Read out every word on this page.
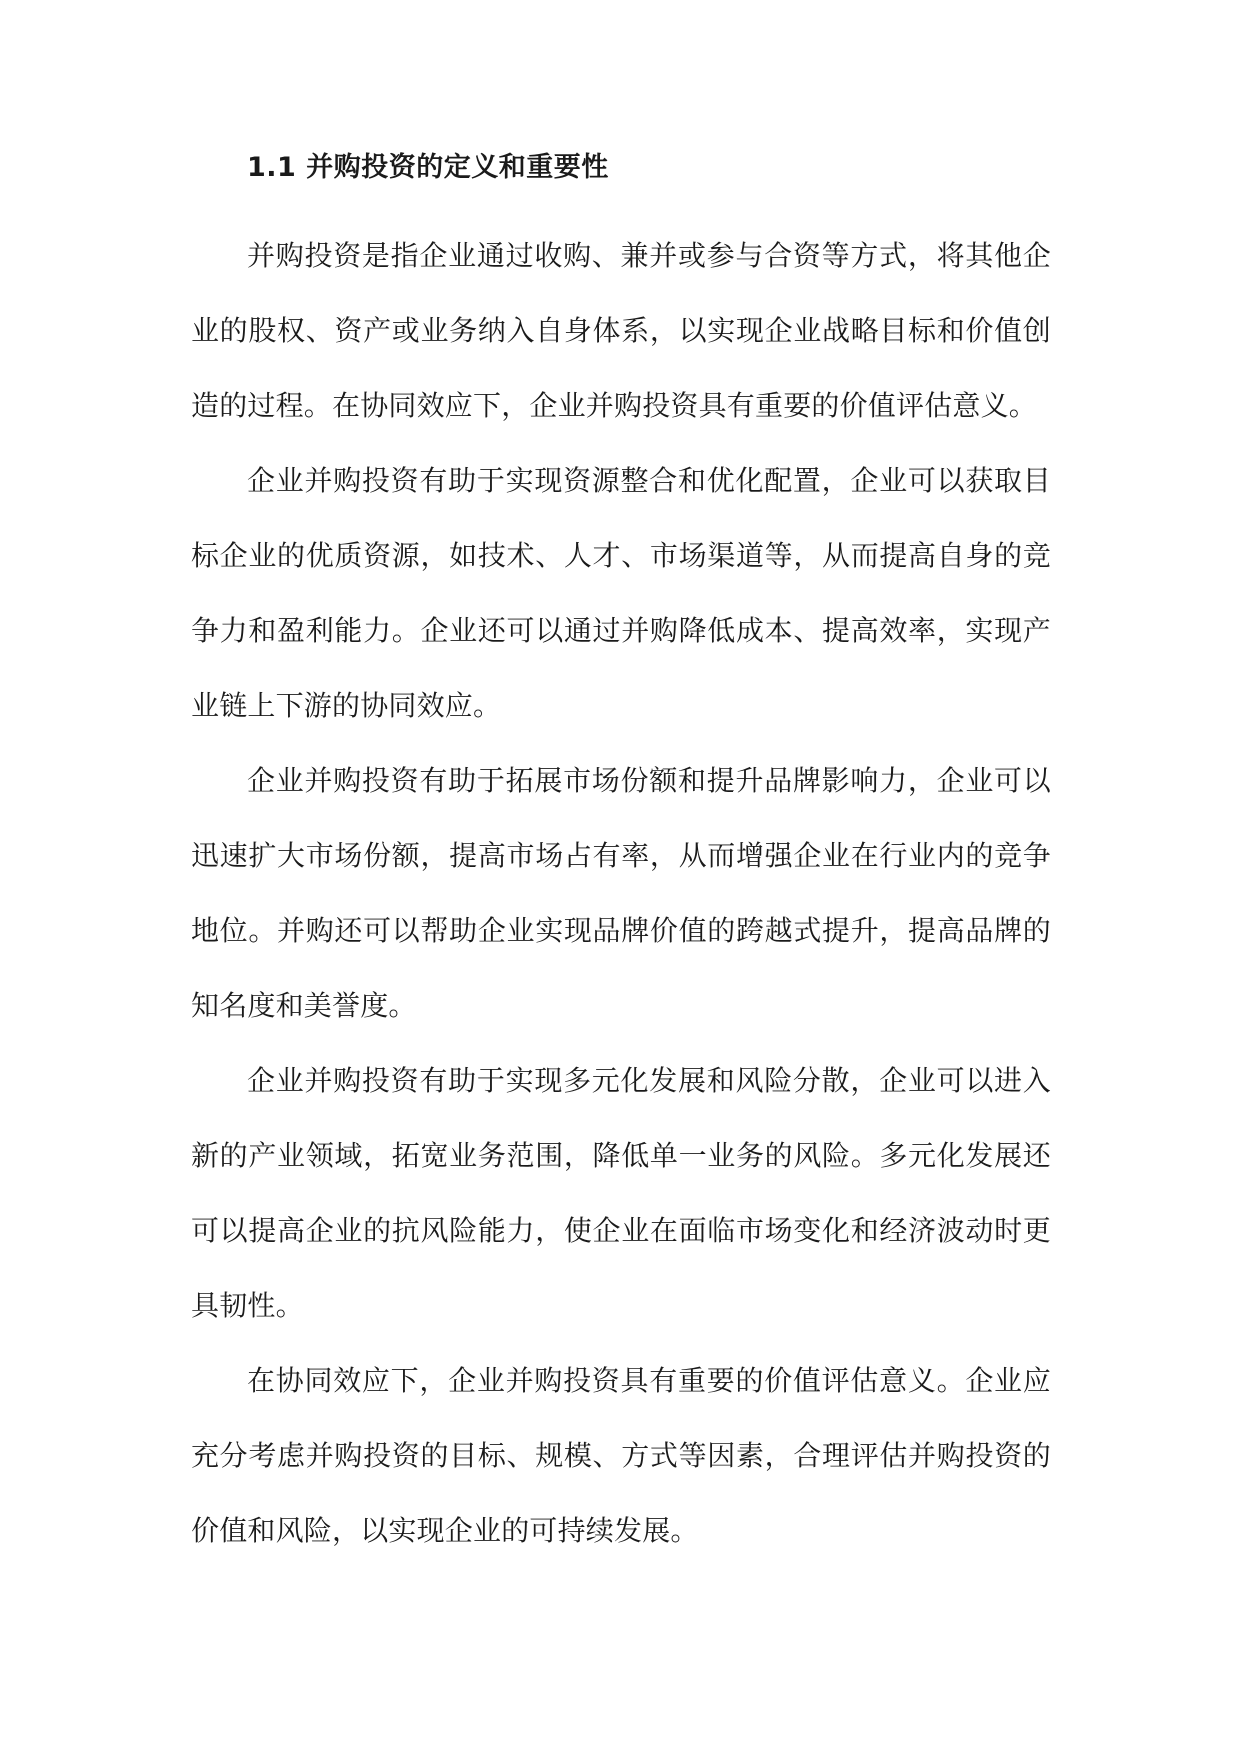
1.1 并购投资的定义和重要性

并购投资是指企业通过收购、兼并或参与合资等方式，将其他企业的股权、资产或业务纳入自身体系，以实现企业战略目标和价值创造的过程。在协同效应下，企业并购投资具有重要的价值评估意义。

企业并购投资有助于实现资源整合和优化配置，企业可以获取目标企业的优质资源，如技术、人才、市场渠道等，从而提高自身的竞争力和盈利能力。企业还可以通过并购降低成本、提高效率，实现产业链上下游的协同效应。

企业并购投资有助于拓展市场份额和提升品牌影响力，企业可以迅速扩大市场份额，提高市场占有率，从而增强企业在行业内的竞争地位。并购还可以帮助企业实现品牌价值的跨越式提升，提高品牌的知名度和美誉度。

企业并购投资有助于实现多元化发展和风险分散，企业可以进入新的产业领域，拓宽业务范围，降低单一业务的风险。多元化发展还可以提高企业的抗风险能力，使企业在面临市场变化和经济波动时更具韧性。

在协同效应下，企业并购投资具有重要的价值评估意义。企业应充分考虑并购投资的目标、规模、方式等因素，合理评估并购投资的价值和风险，以实现企业的可持续发展。
